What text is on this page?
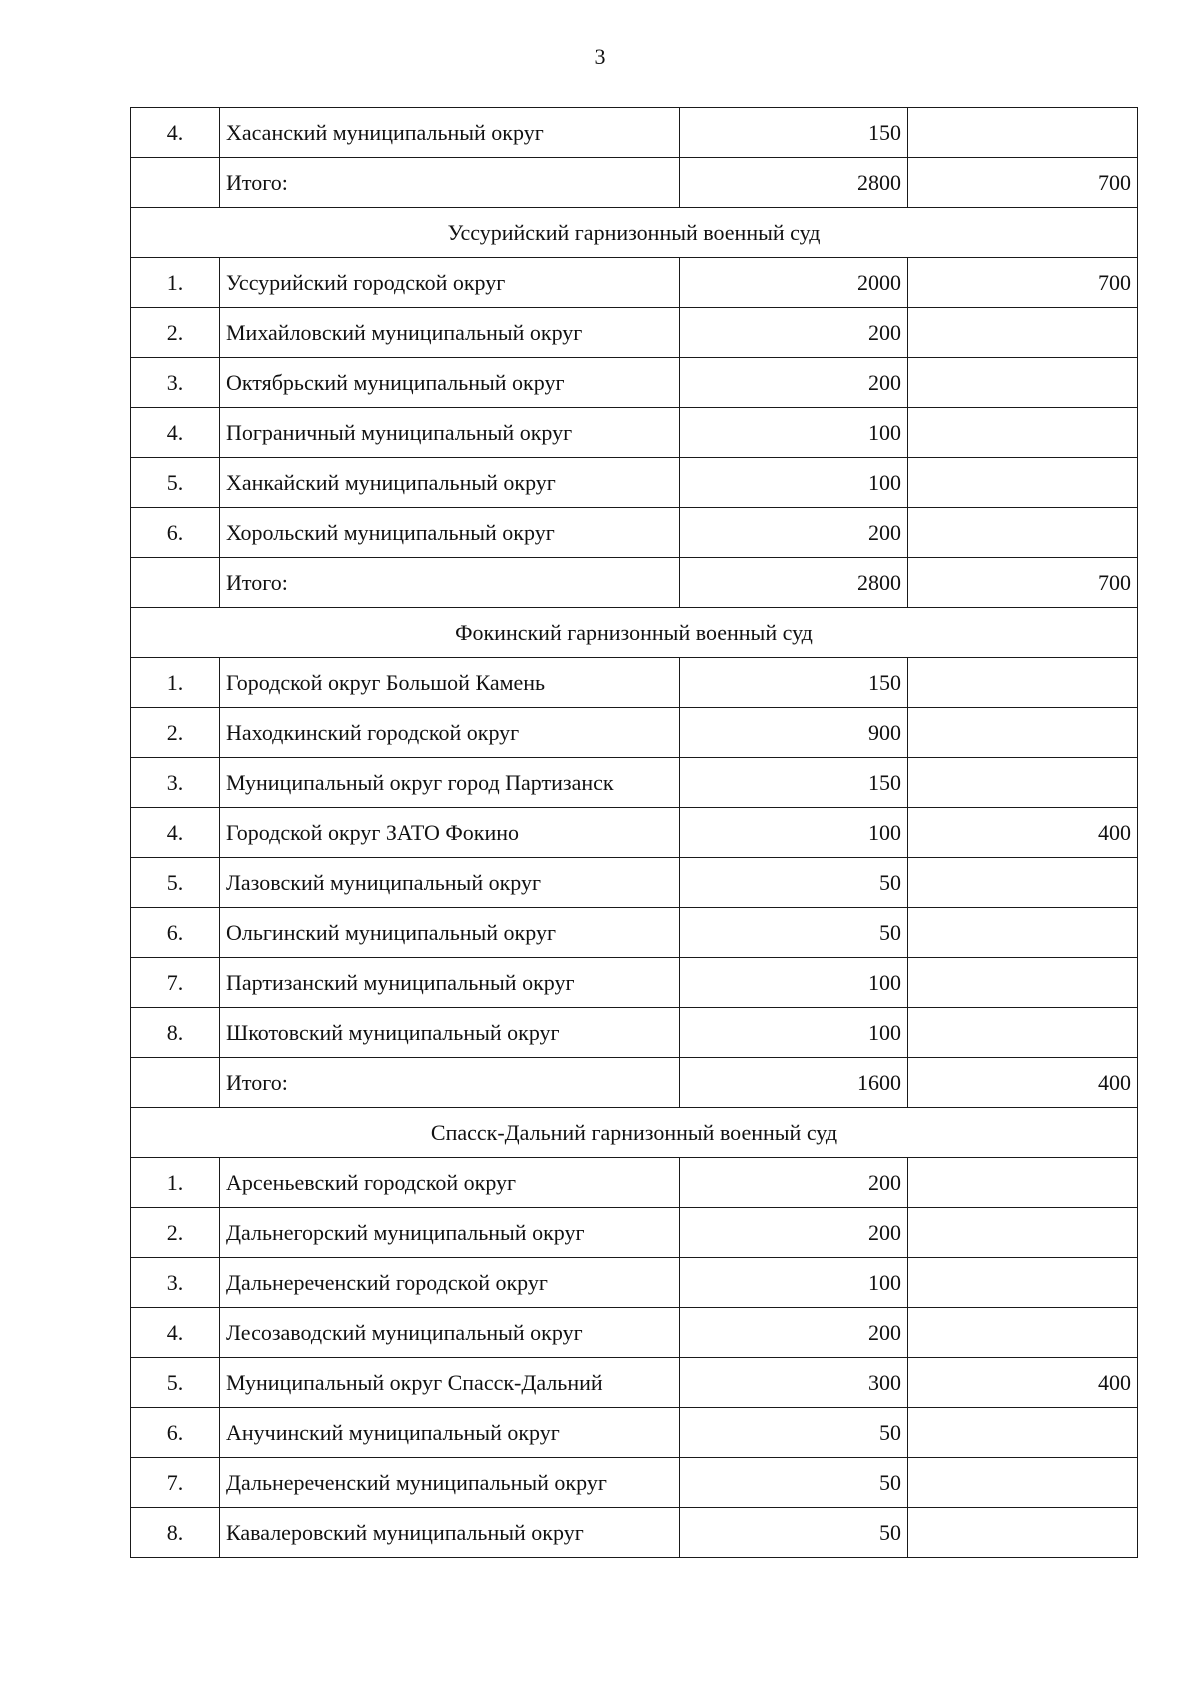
3
4.	Хасанский муниципальный округ	150	
	Итого:	2800	700
Уссурийский гарнизонный военный суд			
1.	Уссурийский городской округ	2000	700
2.	Михайловский муниципальный округ	200	
3.	Октябрьский муниципальный округ	200	
4.	Пограничный муниципальный округ	100	
5.	Ханкайский муниципальный округ	100	
6.	Хорольский муниципальный округ	200	
	Итого:	2800	700
Фокинский гарнизонный военный суд			
1.	Городской округ Большой Камень	150	
2.	Находкинский городской округ	900	
3.	Муниципальный округ город Партизанск	150	
4.	Городской округ ЗАТО Фокино	100	400
5.	Лазовский муниципальный округ	50	
6.	Ольгинский муниципальный округ	50	
7.	Партизанский муниципальный округ	100	
8.	Шкотовский муниципальный округ	100	
	Итого:	1600	400
Спасск-Дальний гарнизонный военный суд			
1.	Арсеньевский городской округ	200	
2.	Дальнегорский муниципальный округ	200	
3.	Дальнереченский городской округ	100	
4.	Лесозаводский муниципальный округ	200	
5.	Муниципальный округ Спасск-Дальний	300	400
6.	Анучинский муниципальный округ	50	
7.	Дальнереченский муниципальный округ	50	
8.	Кавалеровский муниципальный округ	50	
